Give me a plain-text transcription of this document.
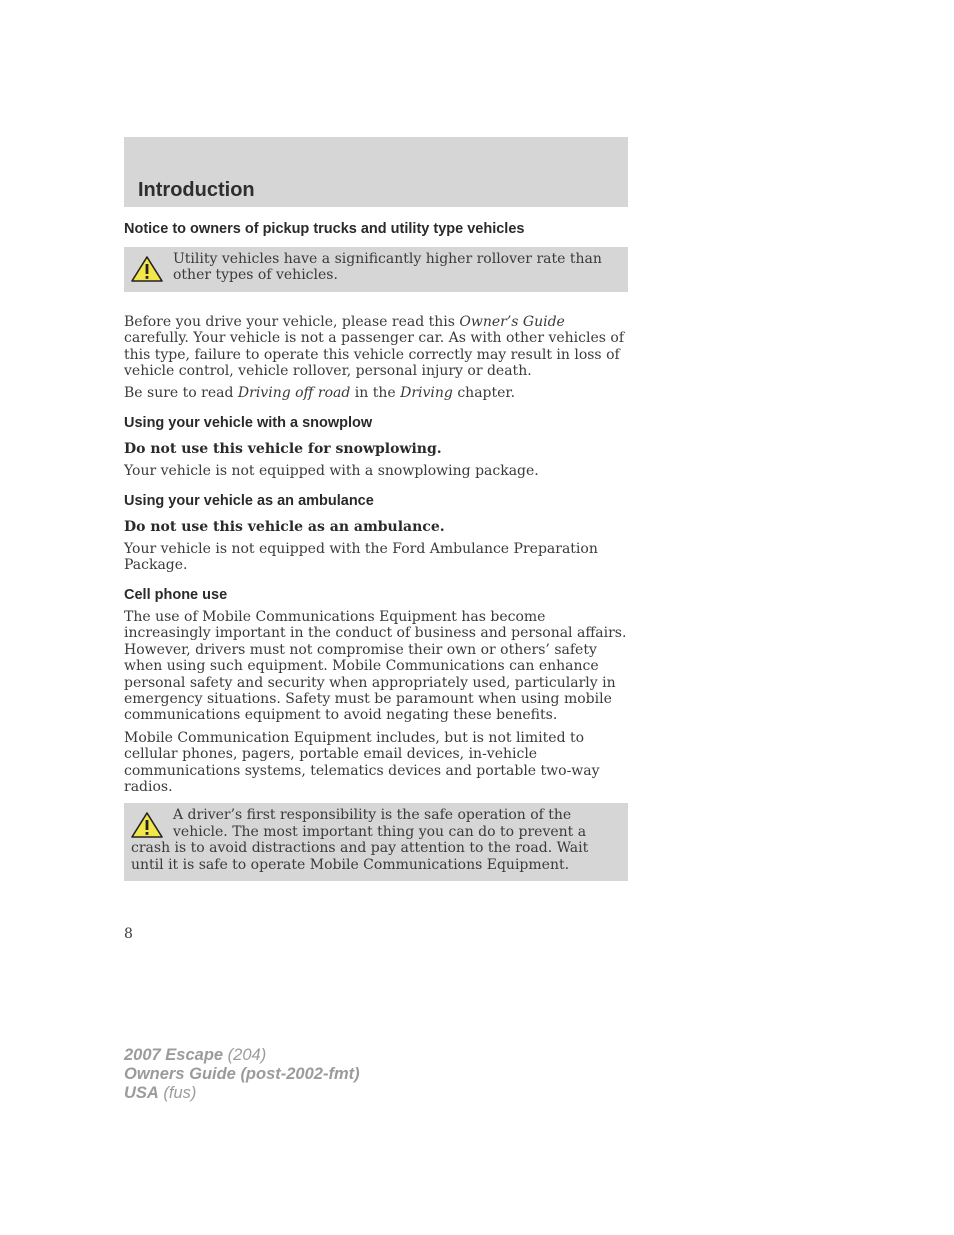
Introduction
Notice to owners of pickup trucks and utility type vehicles

Utility vehicles have a significantly higher rollover rate than other types of vehicles.

Before you drive your vehicle, please read this Owner’s Guide carefully. Your vehicle is not a passenger car. As with other vehicles of this type, failure to operate this vehicle correctly may result in loss of vehicle control, vehicle rollover, personal injury or death.

Be sure to read Driving off road in the Driving chapter.

Using your vehicle with a snowplow

Do not use this vehicle for snowplowing.

Your vehicle is not equipped with a snowplowing package.

Using your vehicle as an ambulance

Do not use this vehicle as an ambulance.

Your vehicle is not equipped with the Ford Ambulance Preparation Package.

Cell phone use

The use of Mobile Communications Equipment has become increasingly important in the conduct of business and personal affairs. However, drivers must not compromise their own or others’ safety when using such equipment. Mobile Communications can enhance personal safety and security when appropriately used, particularly in emergency situations. Safety must be paramount when using mobile communications equipment to avoid negating these benefits.

Mobile Communication Equipment includes, but is not limited to cellular phones, pagers, portable email devices, in-vehicle communications systems, telematics devices and portable two-way radios.

A driver’s first responsibility is the safe operation of the vehicle. The most important thing you can do to prevent a crash is to avoid distractions and pay attention to the road. Wait until it is safe to operate Mobile Communications Equipment.

8
2007 Escape (204)
Owners Guide (post-2002-fmt)
USA (fus)
